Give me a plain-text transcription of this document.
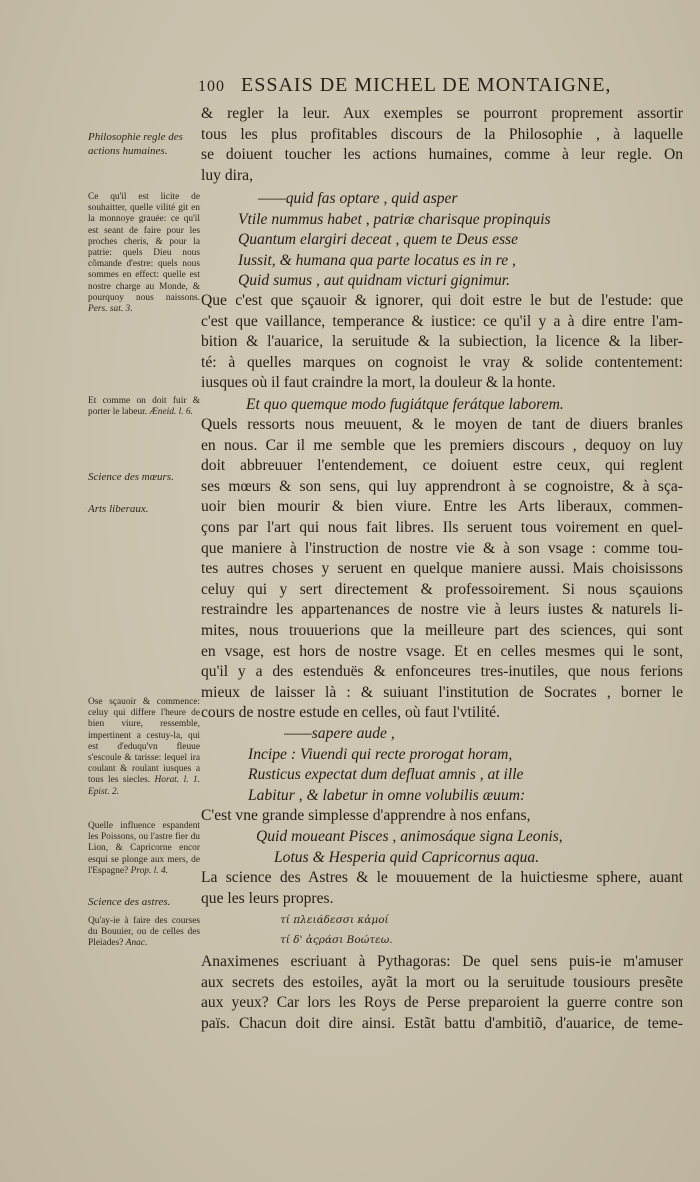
100 ESSAIS DE MICHEL DE MONTAIGNE,
Philosophie regle des actions humaines.
Science des mœurs.
Arts liberaux.
Science des astres.
Ce qu'il est licite de souhaitter, quelle vilité git en la monnoye grauée: ce qu'il est seant de faire pour les proches cheris, & pour la patrie: quels Dieu nous cõmande d'estre: quels nous sommes en effect: quelle est nostre charge au Monde, & pourquoy nous naissons. Pers. sat. 3.
Et comme on doit fuir & porter le labeur. Æneid. l. 6.
Ose sçauoir & commence: celuy qui differe l'heure de bien viure, ressemble, impertinent a cestuy-la, qui est d'eduqu'vn fleuue s'escoule & tarisse: lequel ira coulant & roulant iusques a tous les siecles. Horat. l. 1. Epist. 2.
Quelle influence espandent les Poissons, ou l'astre fier du Lion, & Capricorne encor esqui se plonge aux mers, de l'Espagne? Prop. l. 4.
Qu'ay-ie à faire des courses du Bouuier, ou de celles des Pleiades? Anac.
& regler la leur. Aux exemples se pourront proprement assortir
tous les plus profitables discours de la Philosophie , à laquelle
se doiuent toucher les actions humaines, comme à leur regle. On
luy dira,
——quid fas optare , quid asper
Vtile nummus habet , patriæ charisque propinquis
Quantum elargiri deceat , quem te Deus esse
Iussit, & humana qua parte locatus es in re ,
Quid sumus , aut quidnam victuri gignimur.
Que c'est que sçauoir & ignorer, qui doit estre le but de l'estude: que
c'est que vaillance, temperance & iustice: ce qu'il y a à dire entre l'am-
bition & l'auarice, la seruitude & la subiection, la licence & la liber-
té: à quelles marques on cognoist le vray & solide contentement:
iusques où il faut craindre la mort, la douleur & la honte.
Et quo quemque modo fugiátque ferátque laborem.
Quels ressorts nous meuuent, & le moyen de tant de diuers branles
en nous. Car il me semble que les premiers discours , dequoy on luy
doit abbreuuer l'entendement, ce doiuent estre ceux, qui reglent
ses mœurs & son sens, qui luy apprendront à se cognoistre, & à sça-
uoir bien mourir & bien viure. Entre les Arts liberaux, commen-
çons par l'art qui nous fait libres. Ils seruent tous voirement en quel-
que maniere à l'instruction de nostre vie & à son vsage : comme tou-
tes autres choses y seruent en quelque maniere aussi. Mais choisissons
celuy qui y sert directement & professoirement. Si nous sçauions
restraindre les appartenances de nostre vie à leurs iustes & naturels li-
mites, nous trouuerions que la meilleure part des sciences, qui sont
en vsage, est hors de nostre vsage. Et en celles mesmes qui le sont,
qu'il y a des estenduës & enfonceures tres-inutiles, que nous ferions
mieux de laisser là : & suiuant l'institution de Socrates , borner le
cours de nostre estude en celles, où faut l'vtilité.
——sapere aude ,
Incipe : Viuendi qui recte prorogat horam,
Rusticus expectat dum defluat amnis , at ille
Labitur , & labetur in omne volubilis æuum:
C'est vne grande simplesse d'apprendre à nos enfans,
Quid moueant Pisces , animosáque signa Leonis,
Lotus & Hesperia quid Capricornus aqua.
La science des Astres & le mouuement de la huictiesme sphere, auant
que les leurs propres.
τί πλειάδεσσι κἀμοί
τί δ' ἀςράσι Βοώτεω.
Anaximenes escriuant à Pythagoras: De quel sens puis-ie m'amuser
aux secrets des estoiles, ayãt la mort ou la seruitude tousiours presẽte
aux yeux? Car lors les Roys de Perse preparoient la guerre contre son
païs. Chacun doit dire ainsi. Estãt battu d'ambitiõ, d'auarice, de teme-
